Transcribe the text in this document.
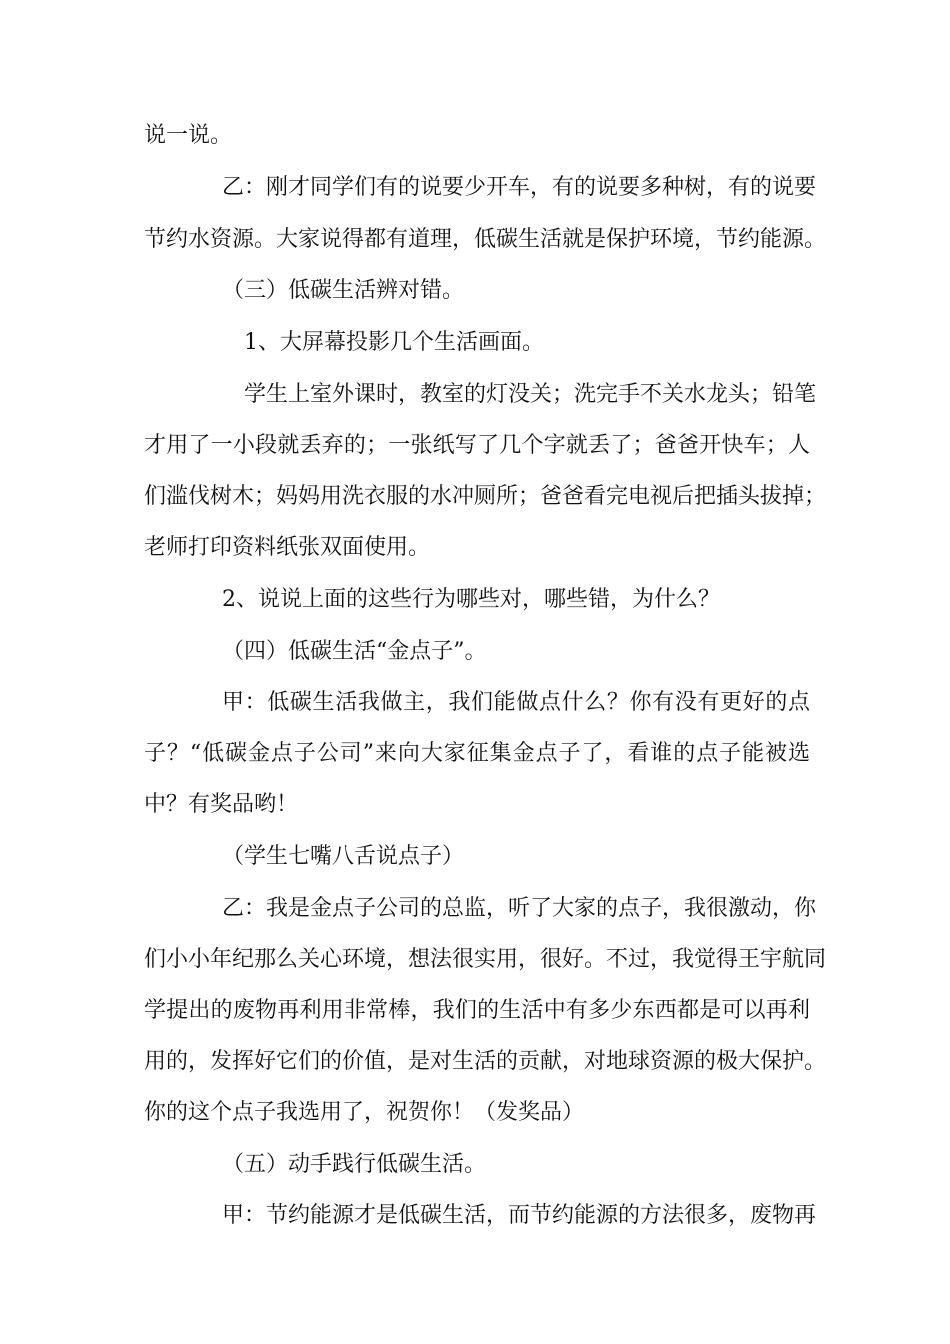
说一说。
乙：刚才同学们有的说要少开车，有的说要多种树，有的说要
节约水资源。大家说得都有道理，低碳生活就是保护环境，节约能源。
（三）低碳生活辨对错。
1、大屏幕投影几个生活画面。
学生上室外课时，教室的灯没关；洗完手不关水龙头；铅笔
才用了一小段就丢弃的；一张纸写了几个字就丢了；爸爸开快车；人
们滥伐树木；妈妈用洗衣服的水冲厕所；爸爸看完电视后把插头拔掉；
老师打印资料纸张双面使用。
2、说说上面的这些行为哪些对，哪些错，为什么？
（四）低碳生活“金点子”。
甲：低碳生活我做主，我们能做点什么？你有没有更好的点
子？“低碳金点子公司”来向大家征集金点子了，看谁的点子能被选
中？有奖品哟！
（学生七嘴八舌说点子）
乙：我是金点子公司的总监，听了大家的点子，我很激动，你
们小小年纪那么关心环境，想法很实用，很好。不过，我觉得王宇航同
学提出的废物再利用非常棒，我们的生活中有多少东西都是可以再利
用的，发挥好它们的价值，是对生活的贡献，对地球资源的极大保护。
你的这个点子我选用了，祝贺你！（发奖品）
（五）动手践行低碳生活。
甲：节约能源才是低碳生活，而节约能源的方法很多，废物再
